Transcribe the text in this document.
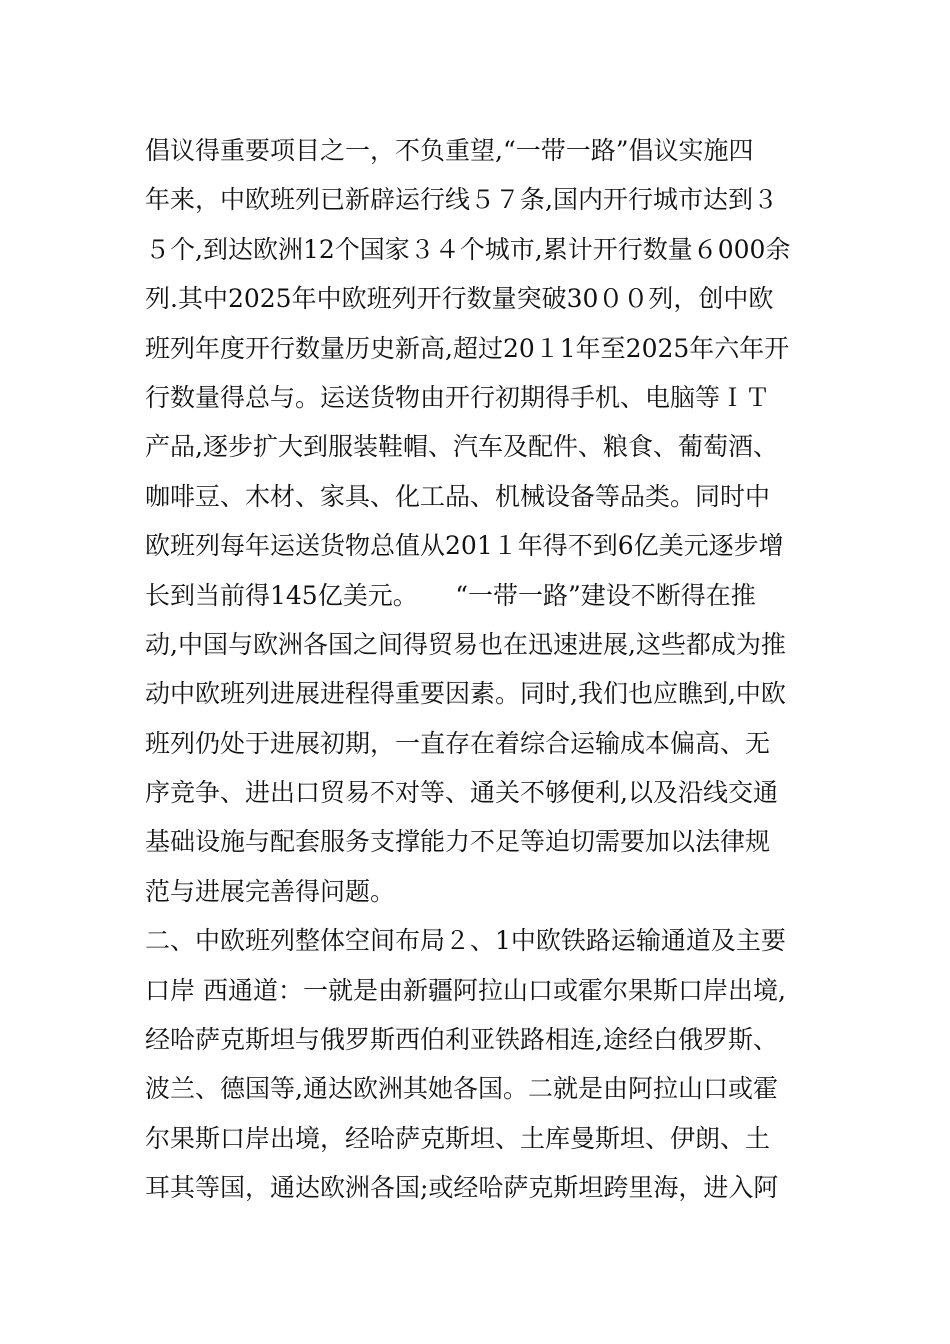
倡议得重要项目之一，不负重望,“一带一路”倡议实施四
年来，中欧班列已新辟运行线５７条,国内开行城市达到３
５个,到达欧洲12个国家３４个城市,累计开行数量６000余
列.其中2025年中欧班列开行数量突破30００列，创中欧
班列年度开行数量历史新高,超过20１1年至2025年六年开
行数量得总与。运送货物由开行初期得手机、电脑等ＩＴ
产品,逐步扩大到服装鞋帽、汽车及配件、粮食、葡萄酒、
咖啡豆、木材、家具、化工品、机械设备等品类。同时中
欧班列每年运送货物总值从201１年得不到6亿美元逐步增
长到当前得145亿美元。　　“一带一路”建设不断得在推
动,中国与欧洲各国之间得贸易也在迅速进展,这些都成为推
动中欧班列进展进程得重要因素。同时,我们也应瞧到,中欧
班列仍处于进展初期，一直存在着综合运输成本偏高、无
序竞争、进出口贸易不对等、通关不够便利,以及沿线交通
基础设施与配套服务支撑能力不足等迫切需要加以法律规
范与进展完善得问题。
二、中欧班列整体空间布局２、1中欧铁路运输通道及主要
口岸 西通道：一就是由新疆阿拉山口或霍尔果斯口岸出境,
经哈萨克斯坦与俄罗斯西伯利亚铁路相连,途经白俄罗斯、
波兰、德国等,通达欧洲其她各国。二就是由阿拉山口或霍
尔果斯口岸出境，经哈萨克斯坦、土库曼斯坦、伊朗、土
耳其等国，通达欧洲各国;或经哈萨克斯坦跨里海，进入阿
